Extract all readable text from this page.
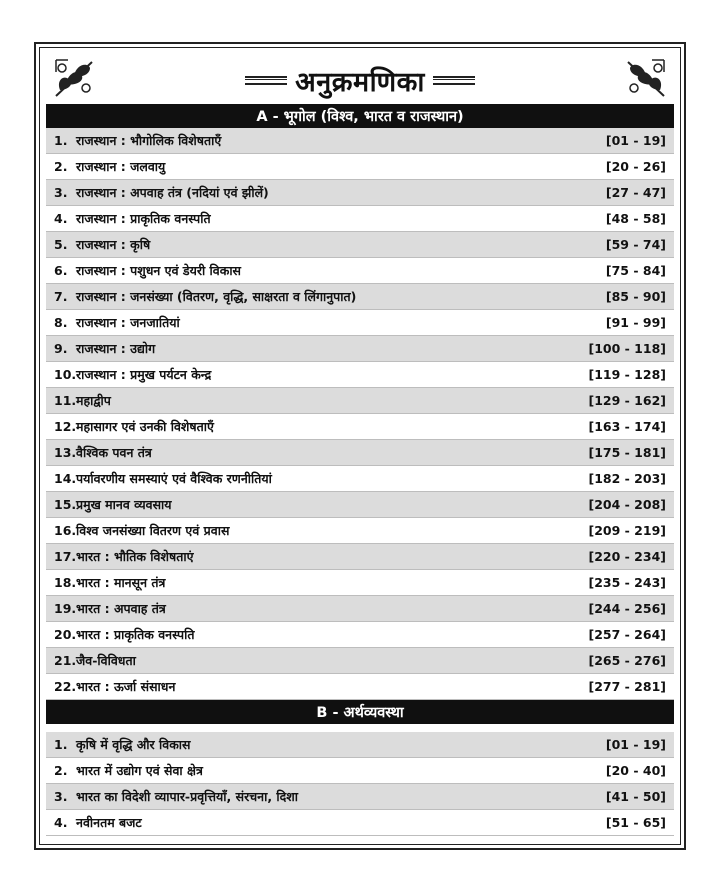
अनुक्रमणिका
A - भूगोल (विश्व, भारत व राजस्थान)
1. राजस्थान : भौगोलिक विशेषताएँ	[01 - 19]
2. राजस्थान : जलवायु	[20 - 26]
3. राजस्थान : अपवाह तंत्र (नदियां एवं झीलें)	[27 - 47]
4. राजस्थान : प्राकृतिक वनस्पति	[48 - 58]
5. राजस्थान : कृषि	[59 - 74]
6. राजस्थान : पशुधन एवं डेयरी विकास	[75 - 84]
7. राजस्थान : जनसंख्या (वितरण, वृद्धि, साक्षरता व लिंगानुपात)	[85 - 90]
8. राजस्थान : जनजातियां	[91 - 99]
9. राजस्थान : उद्योग	[100 - 118]
10. राजस्थान : प्रमुख पर्यटन केन्द्र	[119 - 128]
11. महाद्वीप	[129 - 162]
12. महासागर एवं उनकी विशेषताएँ	[163 - 174]
13. वैश्विक पवन तंत्र	[175 - 181]
14. पर्यावरणीय समस्याएं एवं वैश्विक रणनीतियां	[182 - 203]
15. प्रमुख मानव व्यवसाय	[204 - 208]
16. विश्व जनसंख्या वितरण एवं प्रवास	[209 - 219]
17. भारत : भौतिक विशेषताएं	[220 - 234]
18. भारत : मानसून तंत्र	[235 - 243]
19. भारत : अपवाह तंत्र	[244 - 256]
20. भारत : प्राकृतिक वनस्पति	[257 - 264]
21. जैव-विविधता	[265 - 276]
22. भारत : ऊर्जा संसाधन	[277 - 281]
B - अर्थव्यवस्था
1. कृषि में वृद्धि और विकास	[01 - 19]
2. भारत में उद्योग एवं सेवा क्षेत्र	[20 - 40]
3. भारत का विदेशी व्यापार-प्रवृत्तियाँ, संरचना, दिशा	[41 - 50]
4. नवीनतम बजट	[51 - 65]
